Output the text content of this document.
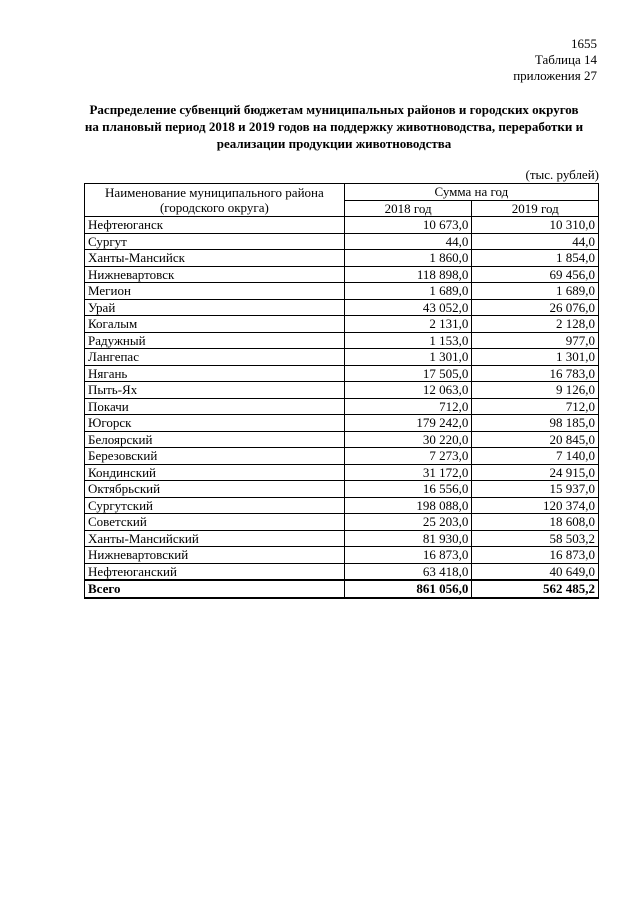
1655
Таблица 14
приложения 27
Распределение субвенций бюджетам муниципальных районов и городских округов на плановый период 2018 и 2019 годов на поддержку животноводства, переработки и реализации продукции животноводства
(тыс. рублей)
Наименование муниципального района
(городского округа)	Сумма на год	
	2018 год	2019 год
Нефтеюганск	10 673,0	10 310,0
Сургут	44,0	44,0
Ханты-Мансийск	1 860,0	1 854,0
Нижневартовск	118 898,0	69 456,0
Мегион	1 689,0	1 689,0
Урай	43 052,0	26 076,0
Когалым	2 131,0	2 128,0
Радужный	1 153,0	977,0
Лангепас	1 301,0	1 301,0
Нягань	17 505,0	16 783,0
Пыть-Ях	12 063,0	9 126,0
Покачи	712,0	712,0
Югорск	179 242,0	98 185,0
Белоярский	30 220,0	20 845,0
Березовский	7 273,0	7 140,0
Кондинский	31 172,0	24 915,0
Октябрьский	16 556,0	15 937,0
Сургутский	198 088,0	120 374,0
Советский	25 203,0	18 608,0
Ханты-Мансийский	81 930,0	58 503,2
Нижневартовский	16 873,0	16 873,0
Нефтеюганский	63 418,0	40 649,0
Всего	861 056,0	562 485,2
